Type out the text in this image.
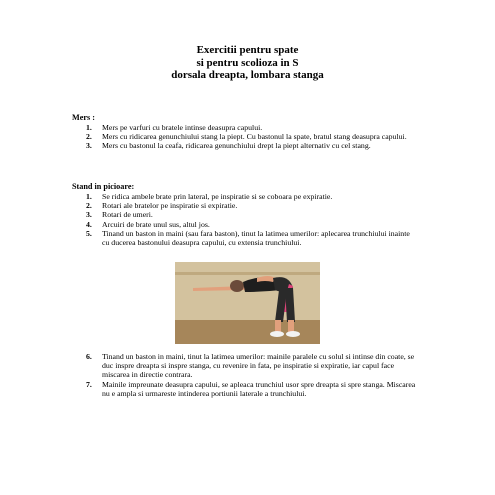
Exercitii pentru spate
si pentru scolioza in S
dorsala dreapta, lombara stanga
Mers :
1. Mers pe varfuri cu bratele intinse deasupra capului.
2. Mers cu ridicarea genunchiului stang la piept. Cu bastonul la spate, bratul stang deasupra capului.
3. Mers cu bastonul la ceafa, ridicarea genunchiului drept la piept alternativ cu cel stang.
Stand in picioare:
1. Se ridica ambele brate prin lateral, pe inspiratie si se coboara pe expiratie.
2. Rotari ale bratelor pe inspiratie si expiratie.
3. Rotari de umeri.
4. Arcuiri de brate unul sus, altul jos.
5. Tinand un baston in maini (sau fara baston), tinut la latimea umerilor: aplecarea trunchiului inainte cu ducerea bastonului deasupra capului, cu extensia trunchiului.
6. Tinand un baston in maini, tinut la latimea umerilor: mainile paralele cu solul si intinse din coate, se duc inspre dreapta si inspre stanga, cu revenire in fata, pe inspiratie si expiratie, iar capul face miscarea in directie contrara.
7. Mainile impreunate deasupra capului, se apleaca trunchiul usor spre dreapta si spre stanga. Miscarea nu e ampla si urmareste intinderea portiunii laterale a trunchiului.
